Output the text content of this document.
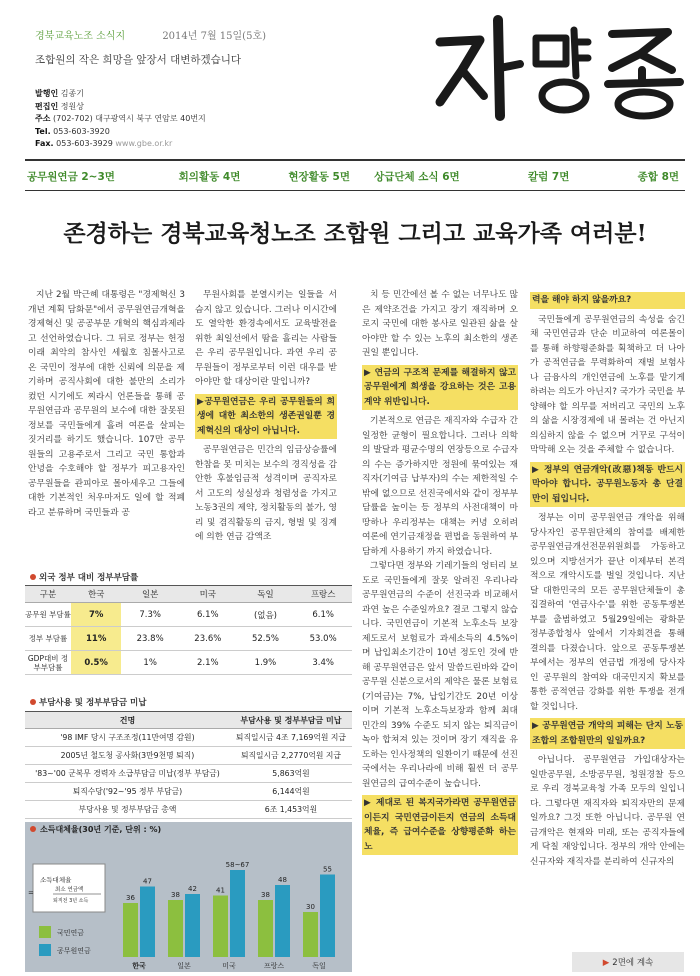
경북교육노조 소식지	2014년 7월 15일(5호)
조합원의 작은 희망을 앞장서 대변하겠습니다
발행인 김종기
편집인 정원상
주소 (702-702) 대구광역시 북구 연암로 40번지
Tel. 053-603-3920
Fax. 053-603-3929 www.gbe.or.kr
공무원연금 2~3면	회의활동 4면	현장활동 5면	상급단체 소식 6면	칼럼 7면	종합 8면
존경하는 경북교육청노조 조합원 그리고 교육가족 여러분!

지난 2월 박근혜 대통령은 "경제혁신 3개년 계획 담화문"에서 공무원연금개혁을 경제혁신 및 공공부문 개혁의 핵심과제라고 선언하였습니다. 그 뒤로 정부는 헌정 이래 최악의 참사인 세월호 침몰사고로 온 국민이 정부에 대한 신뢰에 의문을 제기하며 공직사회에 대한 불만의 소리가 컸던 시기에도 찌라시 언론들을 통해 공무원연금과 공무원의 보수에 대한 잘못된 정보를 국민들에게 흘려 여론을 살피는 짓거리를 하기도 했습니다. 107만 공무원들의 고용주로서 그리고 국민 통합과 안녕을 수호해야 할 정부가 피고용자인 공무원들을 관피아로 몰아세우고 그들에 대한 기본적인 처우마저도 일에 할 적폐라고 분류하며 국민들과 공

무원사회를 분열시키는 일들을 서슴지 않고 있습니다. 그러나 이시간에도 열악한 환경속에서도 교육발전을 위한 최일선에서 땀을 흘리는 사람들은 우리 공무원입니다. 과연 우리 공무원들이 정부로부터 이런 대우를 받아야만 할 대상이란 말입니까?

▶공무원연금은 우리 공무원들의 희생에 대한 최소한의 생존권일뿐 경제혁신의 대상이 아닙니다.

공무원연금은 민간의 임금상승률에 한참을 못 미치는 보수의 경직성을 감안한 후불임금적 성격이며 공직자로서 고도의 성실성과 청렴성을 가지고 노동3권의 제약, 정치활동의 불가, 영리 및 겸직활동의 금지, 형벌 및 징계에 의한 연금 감액조

치 등 민간에선 볼 수 없는 너무나도 많은 제약조건을 가지고 장기 재직하며 오로지 국민에 대한 봉사로 일관된 삶을 살아야만 할 수 있는 노후의 최소한의 생존권일 뿐입니다.

▶ 연금의 구조적 문제를 해결하지 않고 공무원에게 희생을 강요하는 것은 고용계약 위반입니다.

기본적으로 연금은 재직자와 수급자 간 일정한 균형이 필요합니다. 그러나 의학의 발달과 평균수명의 연장등으로 수급자의 수는 증가하지만 정원에 묶여있는 재직자(기여금 납부자)의 수는 제한적일 수 밖에 없으므로 선진국에서와 같이 정부부담률을 높이는 등 정부의 사전대책이 마땅하나 우리정부는 대책는 커녕 오히려 여론에 연기금재정을 편법을 동원하여 부담하게 사용하기 까지 하였습니다.

그렇다면 정부와 기레기들의 엉터리 보도로 국민들에게 잘못 알려진 우리나라 공무원연금의 수준이 선진국과 비교해서 과연 높은 수준일까요? 결코 그렇지 않습니다. 국민연금이 기본적 노후소득 보장제도로서 보험료가 과세소득의 4.5%이며 납입최소기간이 10년 정도인 것에 반해 공무원연금은 앞서 말씀드린바와 같이 공무원 신분으로서의 제약은 물론 보험료(기여금)는 7%, 납입기간도 20년 이상이며 기본적 노후소득보장과 함께 최대 민간의 39% 수준도 되지 않는 퇴직금이 녹아 합쳐져 있는 것이며 장기 재직을 유도하는 인사정책의 일환이기 때문에 선진국에서는 우리나라에 비해 훨씬 더 공무원연금의 급여수준이 높습니다.

▶ 제대로 된 복지국가라면 공무원연금 이든지 국민연금이든지 연금의 소득대체율, 즉 급여수준을 상향평준화 하는 노
력을 해야 하지 않을까요?

국민들에게 공무원연금의 속성을 숨긴 채 국민연금과 단순 비교하여 여론몰이를 통해 하향평준화를 획책하고 더 나아가 공적연금을 무력화하여 재벌 보험사나 금융사의 개인연금에 노후를 맡기게 하려는 의도가 아닌지? 국가가 국민을 부양해야 할 의무를 저버리고 국민의 노후의 삶을 시장경제에 내 몰려는 건 아닌지 의심하지 않을 수 없으며 거꾸로 구석이 막막해 오는 것을 주체할 수 없습니다.

▶ 정부의 연금개악(改惡)책동 반드시 막아야 합니다. 공무원노동자 총 단결만이 됩입니다.

정부는 이미 공무원연금 개악을 위해 당사자인 공무원단체의 참여를 배제한 공무원연금개선전문위원회를 가동하고 있으며 지방선거가 끝난 이제부터 본격적으로 개악시도를 벌일 것입니다. 지난달 대한민국의 모든 공무원단체들이 총 집결하여 '연금사수'를 위한 공동투쟁본부를 출범하였고 5월29일에는 광화문 정부종합청사 앞에서 기자회견을 통해 결의를 다졌습니다. 앞으로 공동투쟁본부에서는 정부의 연금법 개정에 당사자인 공무원의 참여와 대국민지지 확보를 통한 공적연금 강화를 위한 투쟁을 전개할 것입니다.

▶ 공무원연금 개악의 피해는 단지 노동조합의 조합원만의 일일까요?

아닙니다. 공무원연금 가입대상자는 일반공무원, 소방공무원, 청원경찰 등으로 우리 경북교육청 가족 모두의 일입니다. 그렇다면 재직자와 퇴직자만의 문제일까요? 그것 또한 아닙니다. 공무원 연금개악은 현재와 미래, 또는 공직자들에게 닥칠 재앙입니다. 정부의 개악 안에는 신규자와 재직자를 분리하여 신규자의

외국 정부 대비 정부부담률
구분	한국	일본	미국	독일	프랑스
공무원 부담률	7%	7.3%	6.1%	(없음)	6.1%
정부 부담률	11%	23.8%	23.6%	52.5%	53.0%
GDP대비 정부부담률	0.5%	1%	2.1%	1.9%	3.4%
부담사용 및 정부부담금 미납
건명	부담사용 및 정부부담금 미납
'98 IMF 당시 구조조정(11만여명 감원)	퇴직일시금 4조 7,169억원 지급
2005년 철도청 공사화(3만9천명 퇴직)	퇴직일시금 2,2770억원 지급
'83~'00 군복무 경력자 소급부담금 미납(정부 부담금)	5,863억원
퇴직수당('92~'95 정부 부담금)	6,144억원
부당사용 및 정부부담금 총액	6조 1,453억원
소득대체율(30년 기준, 단위 : %)
소득대체율
=	최소 연금액
퇴직전 3년 소득
국민연금
공무원연금
36
47
한국
38
42
일본
41
58~67
미국
38
48
프랑스
30
55
독일	▶ 2면에 계속
